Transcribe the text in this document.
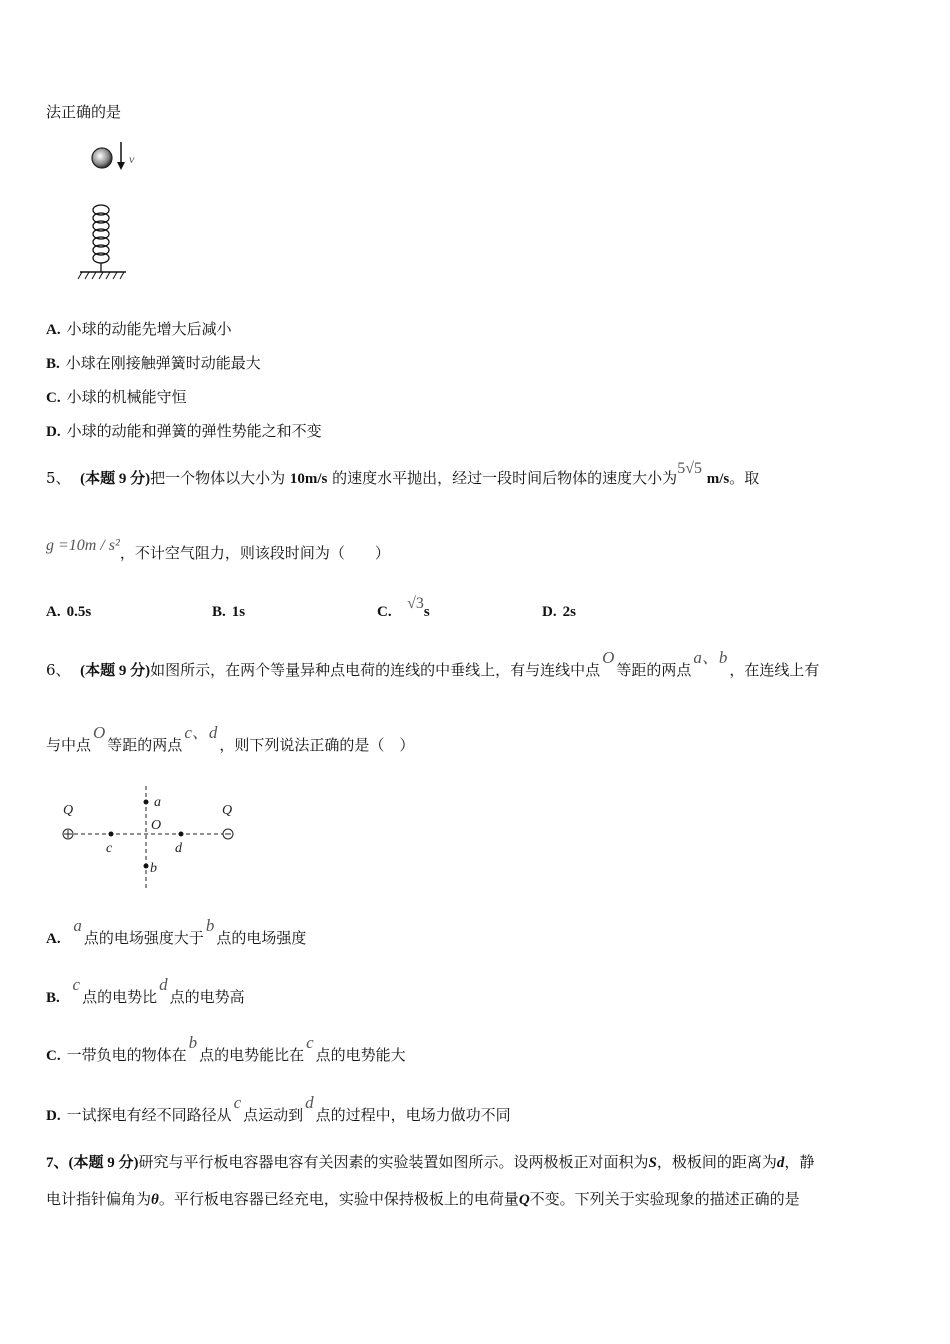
法正确的是
v
A. 小球的动能先增大后减小
B. 小球在刚接触弹簧时动能最大
C. 小球的机械能守恒
D. 小球的动能和弹簧的弹性势能之和不变
5、 (本题 9 分)把一个物体以大小为 10m/s 的速度水平抛出，经过一段时间后物体的速度大小为5√5 m/s。取
g =10m / s²，不计空气阻力，则该段时间为（　　）
A. 0.5s	B. 1s	C. √3s	D. 2s
6、 (本题 9 分)如图所示，在两个等量异种点电荷的连线的中垂线上，有与连线中点O等距的两点a、b，在连线上有
与中点O等距的两点c、d，则下列说法正确的是（　）
Q	Q
a
O
c	d
b
A. a点的电场强度大于b点的电场强度
B. c点的电势比d点的电势高
C. 一带负电的物体在b点的电势能比在c点的电势能大
D. 一试探电有经不同路径从c点运动到d点的过程中，电场力做功不同
7、(本题 9 分)研究与平行板电容器电容有关因素的实验装置如图所示。设两极板正对面积为S，极板间的距离为d，静
电计指针偏角为θ。平行板电容器已经充电，实验中保持极板上的电荷量Q不变。下列关于实验现象的描述正确的是
